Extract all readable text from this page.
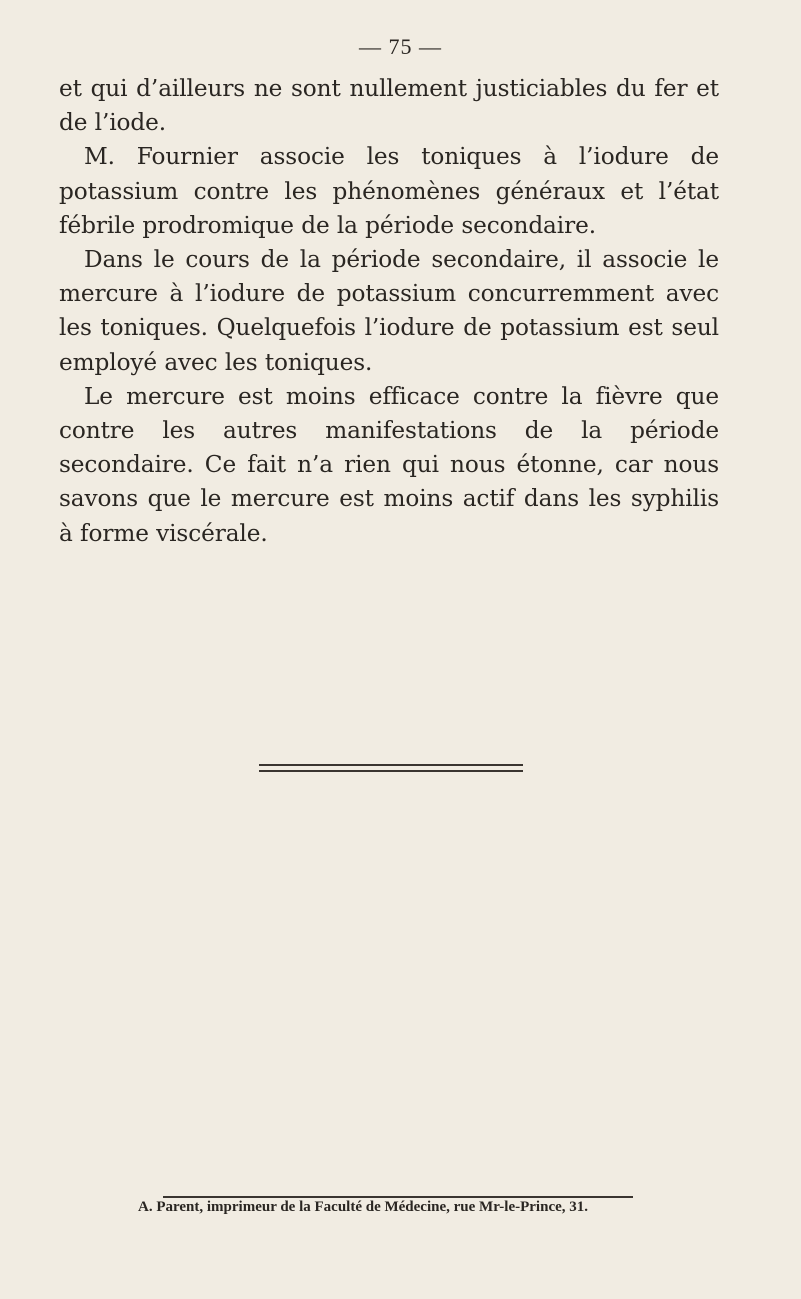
— 75 —

et qui d’ailleurs ne sont nullement justiciables du fer et de l’iode.

M. Fournier associe les toniques à l’iodure de potassium contre les phénomènes généraux et l’état fébrile prodromique de la période secondaire.

Dans le cours de la période secondaire, il associe le mercure à l’iodure de potassium concurremment avec les toniques. Quelquefois l’iodure de potassium est seul employé avec les toniques.

Le mercure est moins efficace contre la fièvre que contre les autres manifestations de la période secondaire. Ce fait n’a rien qui nous étonne, car nous savons que le mercure est moins actif dans les syphilis à forme viscérale.

A. Parent, imprimeur de la Faculté de Médecine, rue Mr-le-Prince, 31.
